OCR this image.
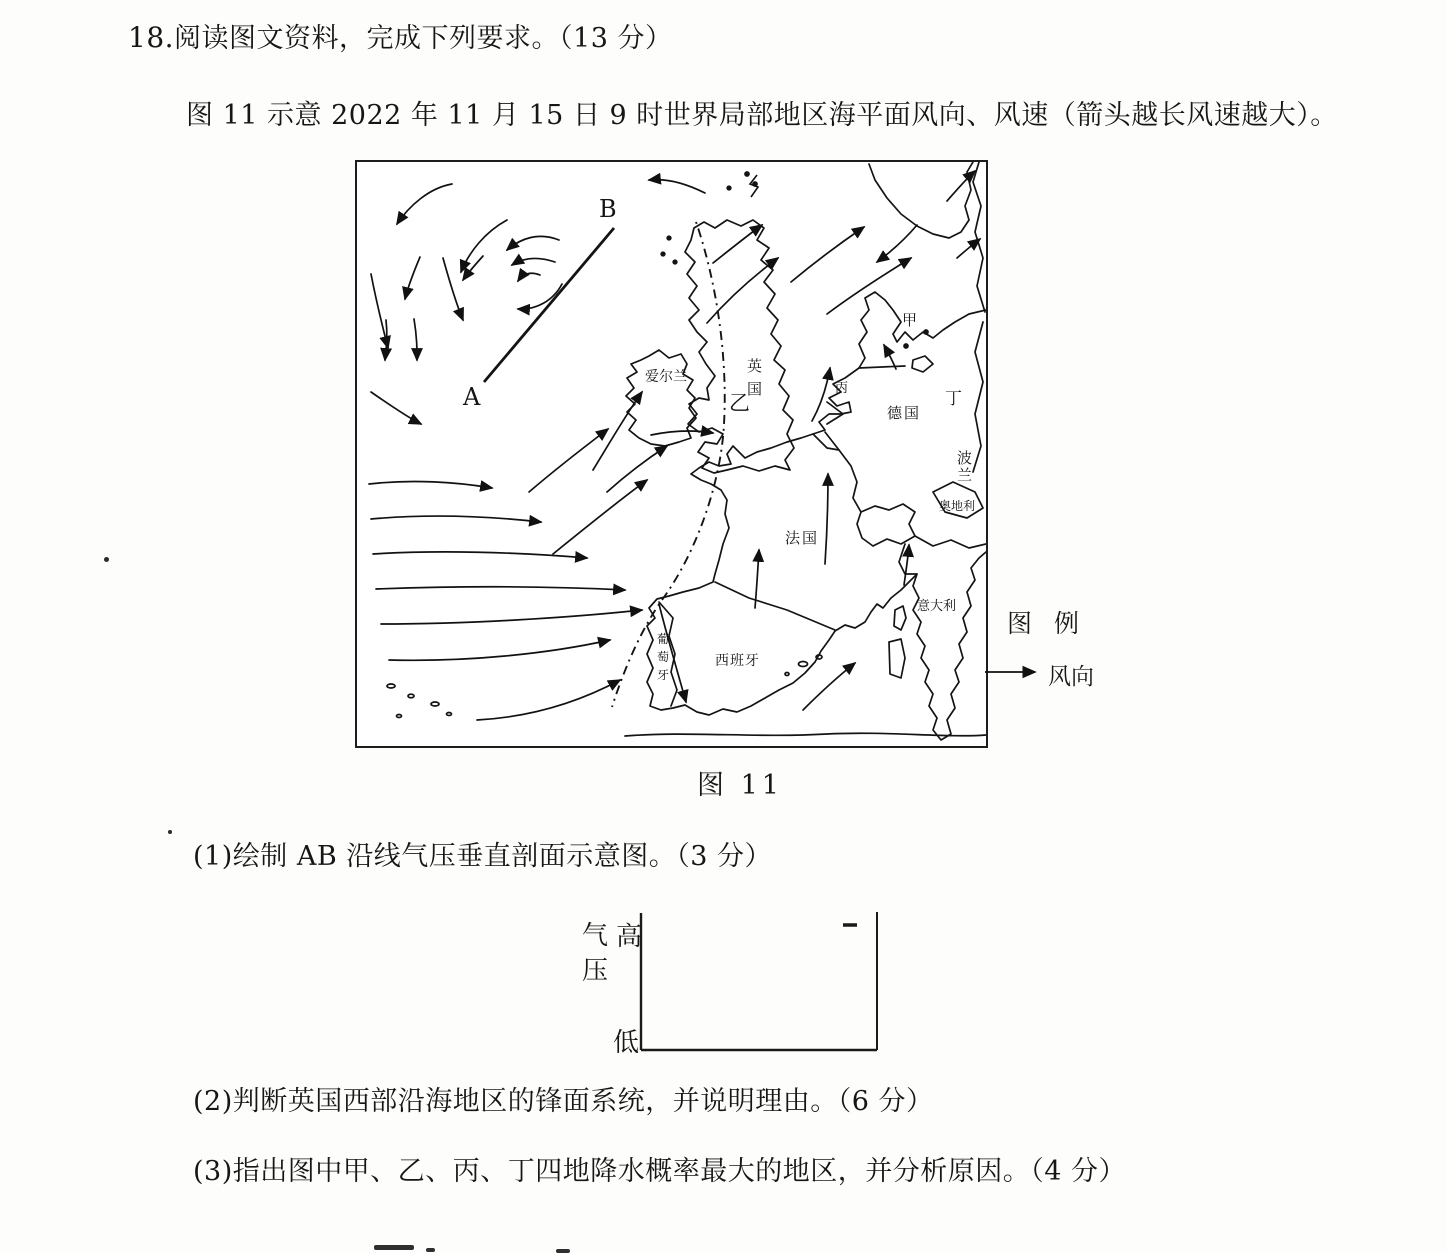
18.阅读图文资料，完成下列要求。（13 分）
图 11 示意 2022 年 11 月 15 日 9 时世界局部地区海平面风向、风速（箭头越长风速越大）。
B
A
爱尔兰
英国
乙
丙
德国
丁
甲
法国
奥地利
波兰
意大利
西班牙
葡萄牙
图 例
风向
图 11
(1)绘制 AB 沿线气压垂直剖面示意图。（3 分）
气压
高
低
(2)判断英国西部沿海地区的锋面系统，并说明理由。（6 分）
(3)指出图中甲、乙、丙、丁四地降水概率最大的地区，并分析原因。（4 分）
